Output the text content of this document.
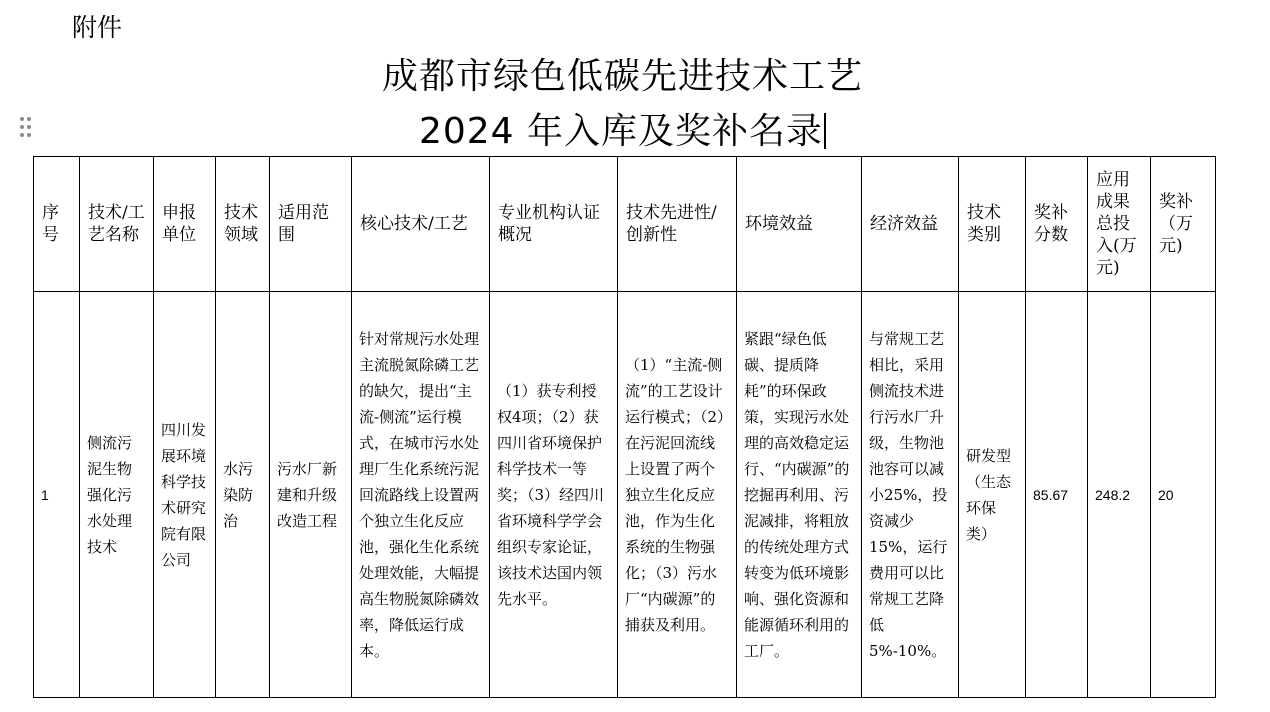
附件
成都市绿色低碳先进技术工艺
2024 年入库及奖补名录
序号	技术/工艺名称	申报单位	技术领域	适用范围	核心技术/工艺	专业机构认证概况	技术先进性/创新性	环境效益	经济效益	技术类别	奖补分数	应用成果总投入(万元)	奖补（万元)
1	侧流污泥生物强化污水处理技术	四川发展环境科学技术研究院有限公司	水污染防治	污水厂新建和升级改造工程	针对常规污水处理主流脱氮除磷工艺的缺欠，提出“主流-侧流”运行模式，在城市污水处理厂生化系统污泥回流路线上设置两个独立生化反应池，强化生化系统处理效能，大幅提高生物脱氮除磷效率，降低运行成本。	（1）获专利授权4项；（2）获四川省环境保护科学技术一等奖；（3）经四川省环境科学学会组织专家论证，该技术达国内领先水平。	（1）“主流-侧流”的工艺设计运行模式；（2）在污泥回流线上设置了两个独立生化反应池，作为生化系统的生物强化；（3）污水厂“内碳源”的捕获及利用。	紧跟“绿色低碳、提质降耗”的环保政策，实现污水处理的高效稳定运行、“内碳源”的挖掘再利用、污泥减排，将粗放的传统处理方式转变为低环境影响、强化资源和能源循环利用的工厂。	与常规工艺相比，采用侧流技术进行污水厂升级，生物池池容可以减小25%，投资减少15%，运行费用可以比常规工艺降低5%-10%。	研发型（生态环保类）	85.67	248.2	20
